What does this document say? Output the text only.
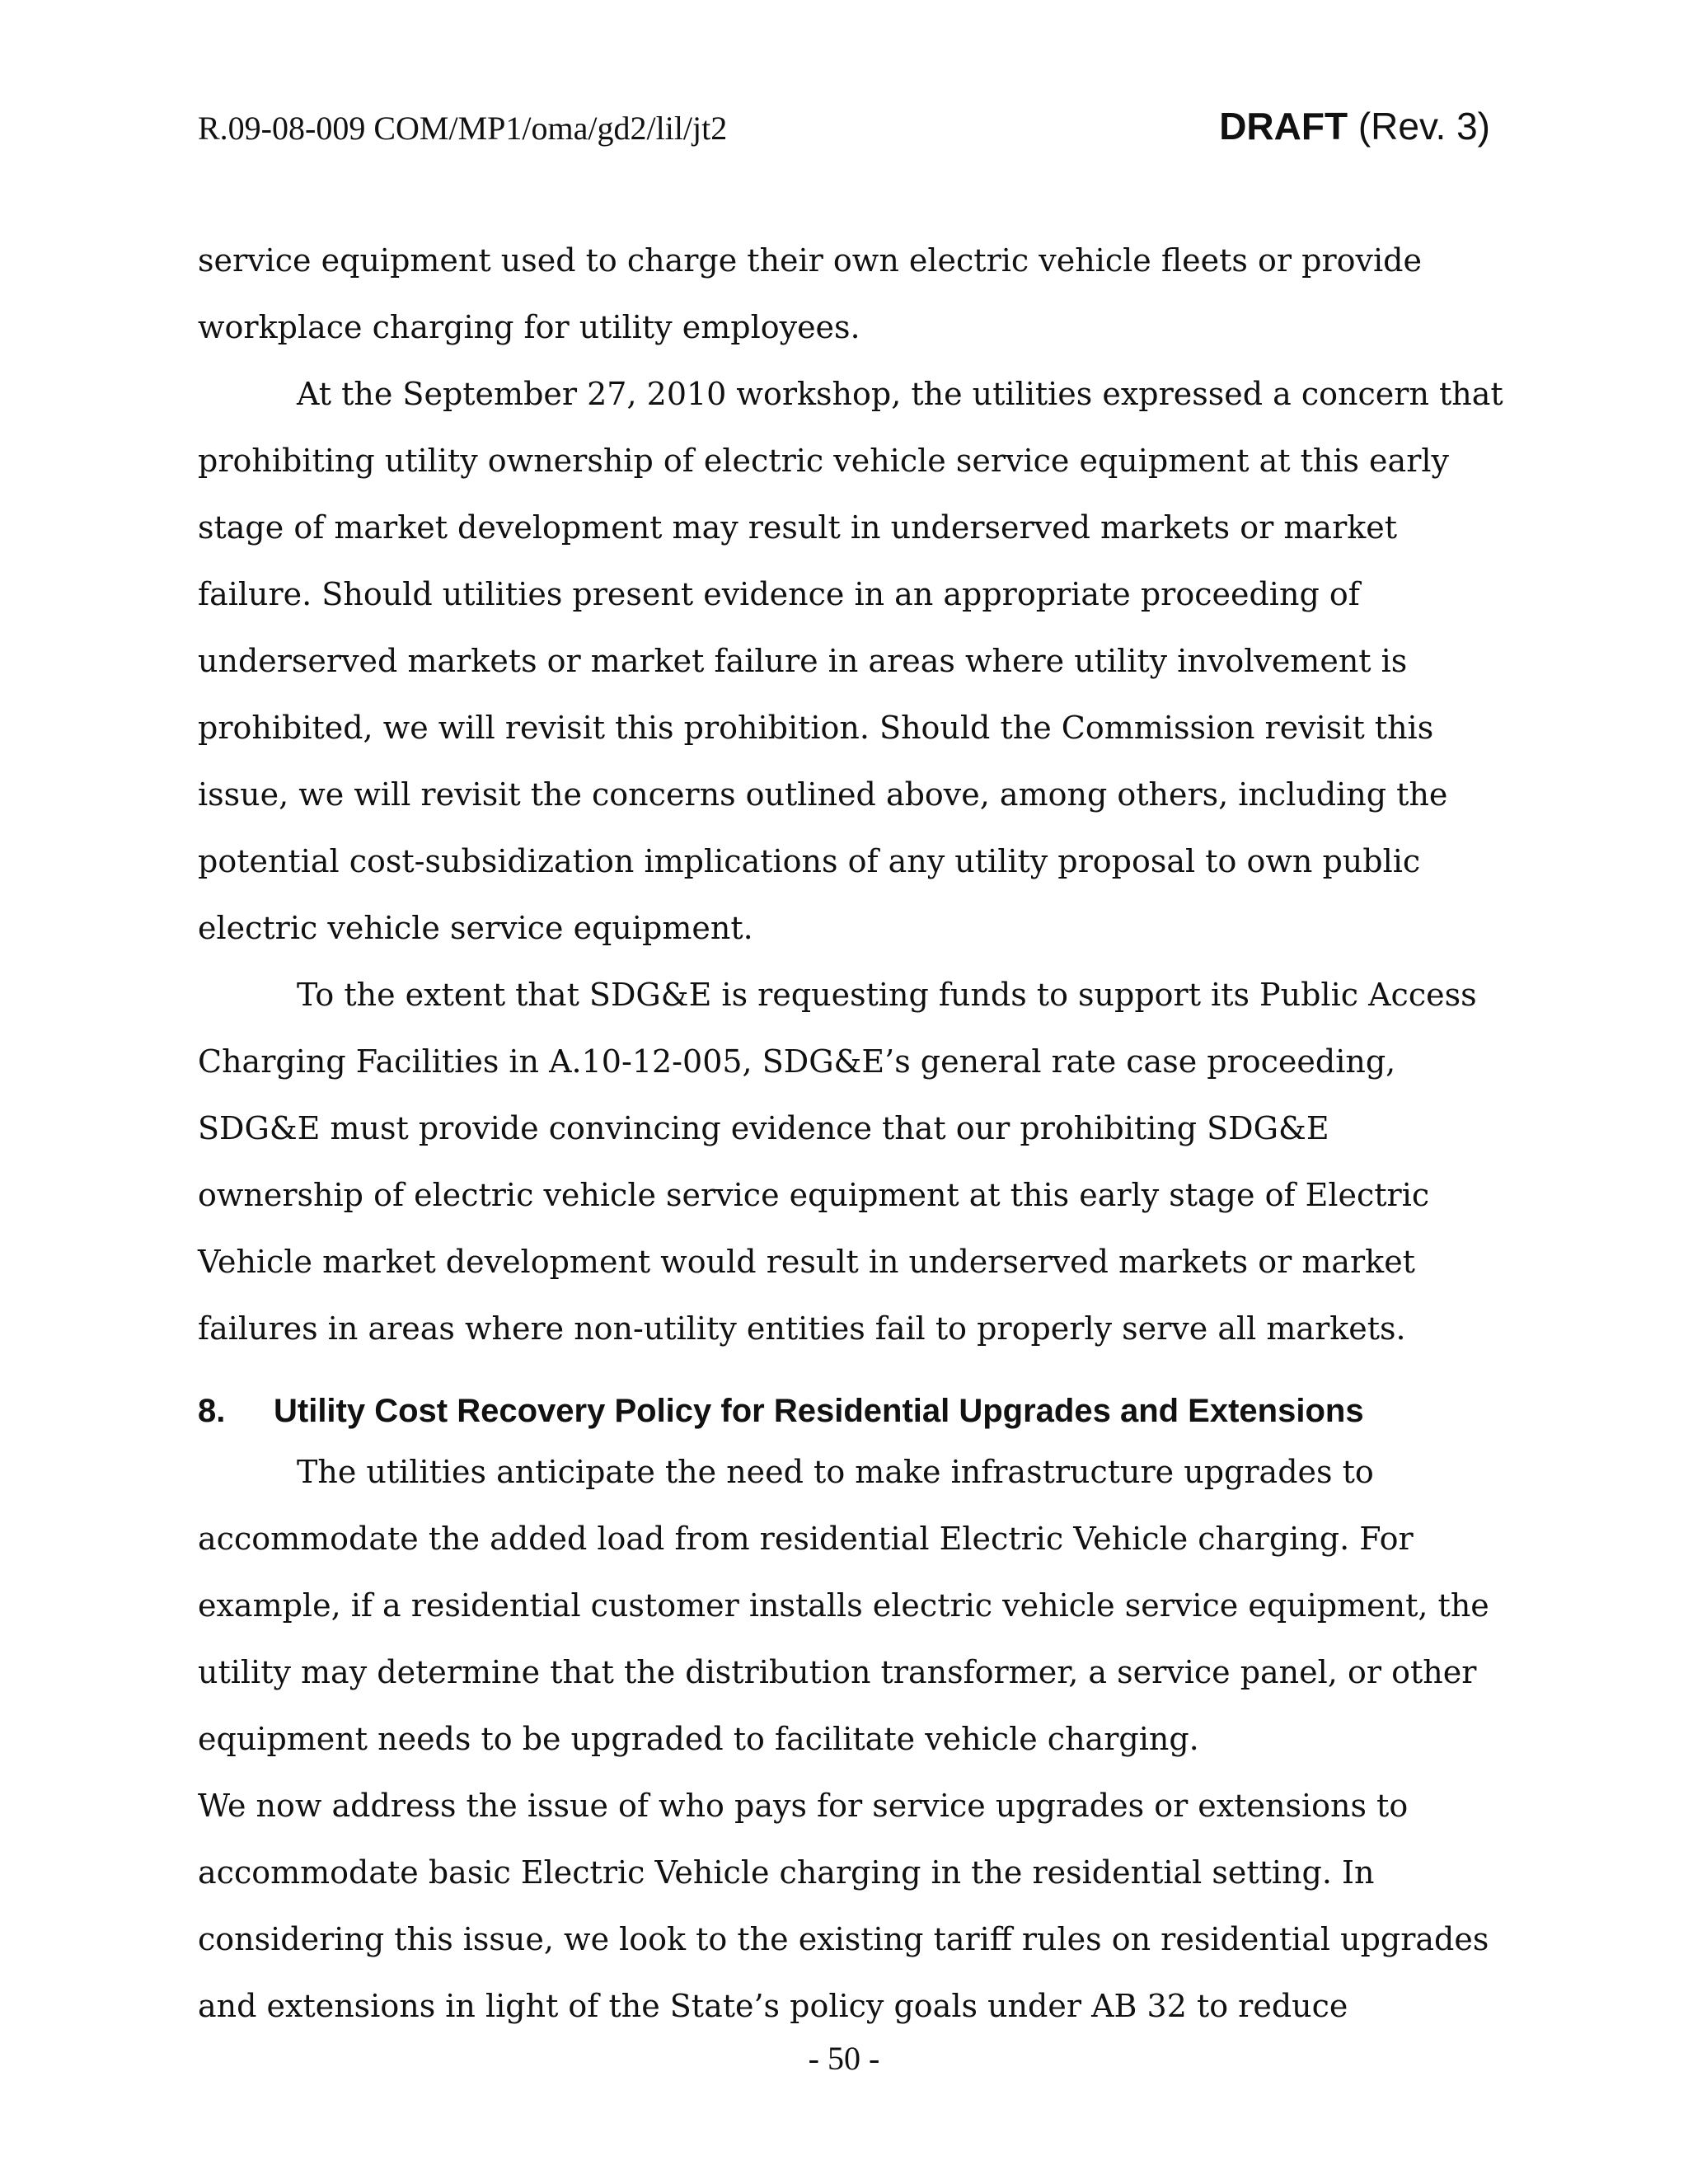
R.09-08-009 COM/MP1/oma/gd2/lil/jt2	DRAFT (Rev. 3)
service equipment used to charge their own electric vehicle fleets or provide
workplace charging for utility employees.
At the September 27, 2010 workshop, the utilities expressed a concern that
prohibiting utility ownership of electric vehicle service equipment at this early
stage of market development may result in underserved markets or market
failure. Should utilities present evidence in an appropriate proceeding of
underserved markets or market failure in areas where utility involvement is
prohibited, we will revisit this prohibition. Should the Commission revisit this
issue, we will revisit the concerns outlined above, among others, including the
potential cost-subsidization implications of any utility proposal to own public
electric vehicle service equipment.
To the extent that SDG&E is requesting funds to support its Public Access
Charging Facilities in A.10-12-005, SDG&E’s general rate case proceeding,
SDG&E must provide convincing evidence that our prohibiting SDG&E
ownership of electric vehicle service equipment at this early stage of Electric
Vehicle market development would result in underserved markets or market
failures in areas where non-utility entities fail to properly serve all markets.
8. Utility Cost Recovery Policy for Residential Upgrades and Extensions
The utilities anticipate the need to make infrastructure upgrades to
accommodate the added load from residential Electric Vehicle charging. For
example, if a residential customer installs electric vehicle service equipment, the
utility may determine that the distribution transformer, a service panel, or other
equipment needs to be upgraded to facilitate vehicle charging.
We now address the issue of who pays for service upgrades or extensions to
accommodate basic Electric Vehicle charging in the residential setting. In
considering this issue, we look to the existing tariff rules on residential upgrades
and extensions in light of the State’s policy goals under AB 32 to reduce
- 50 -
